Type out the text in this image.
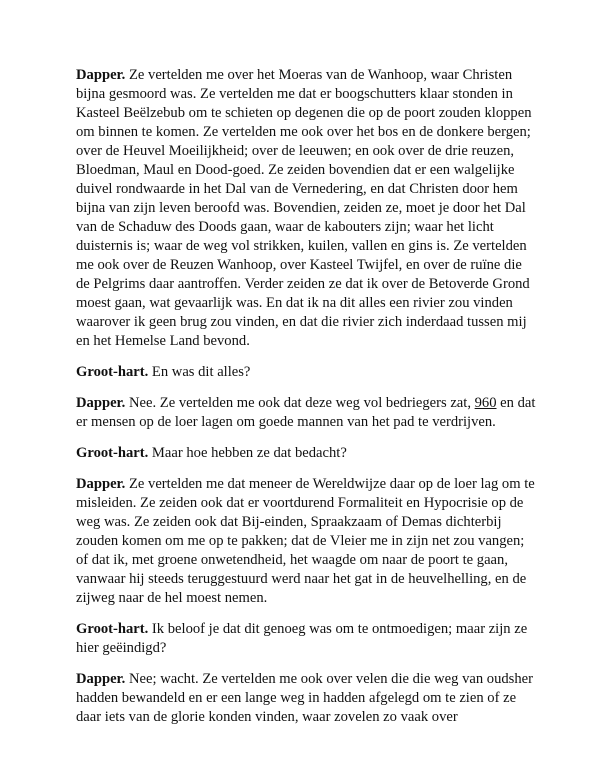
Dapper. Ze vertelden me over het Moeras van de Wanhoop, waar Christen bijna gesmoord was. Ze vertelden me dat er boogschutters klaar stonden in Kasteel Beëlzebub om te schieten op degenen die op de poort zouden kloppen om binnen te komen. Ze vertelden me ook over het bos en de donkere bergen; over de Heuvel Moeilijkheid; over de leeuwen; en ook over de drie reuzen, Bloedman, Maul en Dood-goed. Ze zeiden bovendien dat er een walgelijke duivel rondwaarde in het Dal van de Vernedering, en dat Christen door hem bijna van zijn leven beroofd was. Bovendien, zeiden ze, moet je door het Dal van de Schaduw des Doods gaan, waar de kabouters zijn; waar het licht duisternis is; waar de weg vol strikken, kuilen, vallen en gins is. Ze vertelden me ook over de Reuzen Wanhoop, over Kasteel Twijfel, en over de ruïne die de Pelgrims daar aantroffen. Verder zeiden ze dat ik over de Betoverde Grond moest gaan, wat gevaarlijk was. En dat ik na dit alles een rivier zou vinden waarover ik geen brug zou vinden, en dat die rivier zich inderdaad tussen mij en het Hemelse Land bevond.

Groot-hart. En was dit alles?

Dapper. Nee. Ze vertelden me ook dat deze weg vol bedriegers zat, 960 en dat er mensen op de loer lagen om goede mannen van het pad te verdrijven.

Groot-hart. Maar hoe hebben ze dat bedacht?

Dapper. Ze vertelden me dat meneer de Wereldwijze daar op de loer lag om te misleiden. Ze zeiden ook dat er voortdurend Formaliteit en Hypocrisie op de weg was. Ze zeiden ook dat Bij-einden, Spraakzaam of Demas dichterbij zouden komen om me op te pakken; dat de Vleier me in zijn net zou vangen; of dat ik, met groene onwetendheid, het waagde om naar de poort te gaan, vanwaar hij steeds teruggestuurd werd naar het gat in de heuvelhelling, en de zijweg naar de hel moest nemen.

Groot-hart. Ik beloof je dat dit genoeg was om te ontmoedigen; maar zijn ze hier geëindigd?

Dapper. Nee; wacht. Ze vertelden me ook over velen die die weg van oudsher hadden bewandeld en er een lange weg in hadden afgelegd om te zien of ze daar iets van de glorie konden vinden, waar zovelen zo vaak over
